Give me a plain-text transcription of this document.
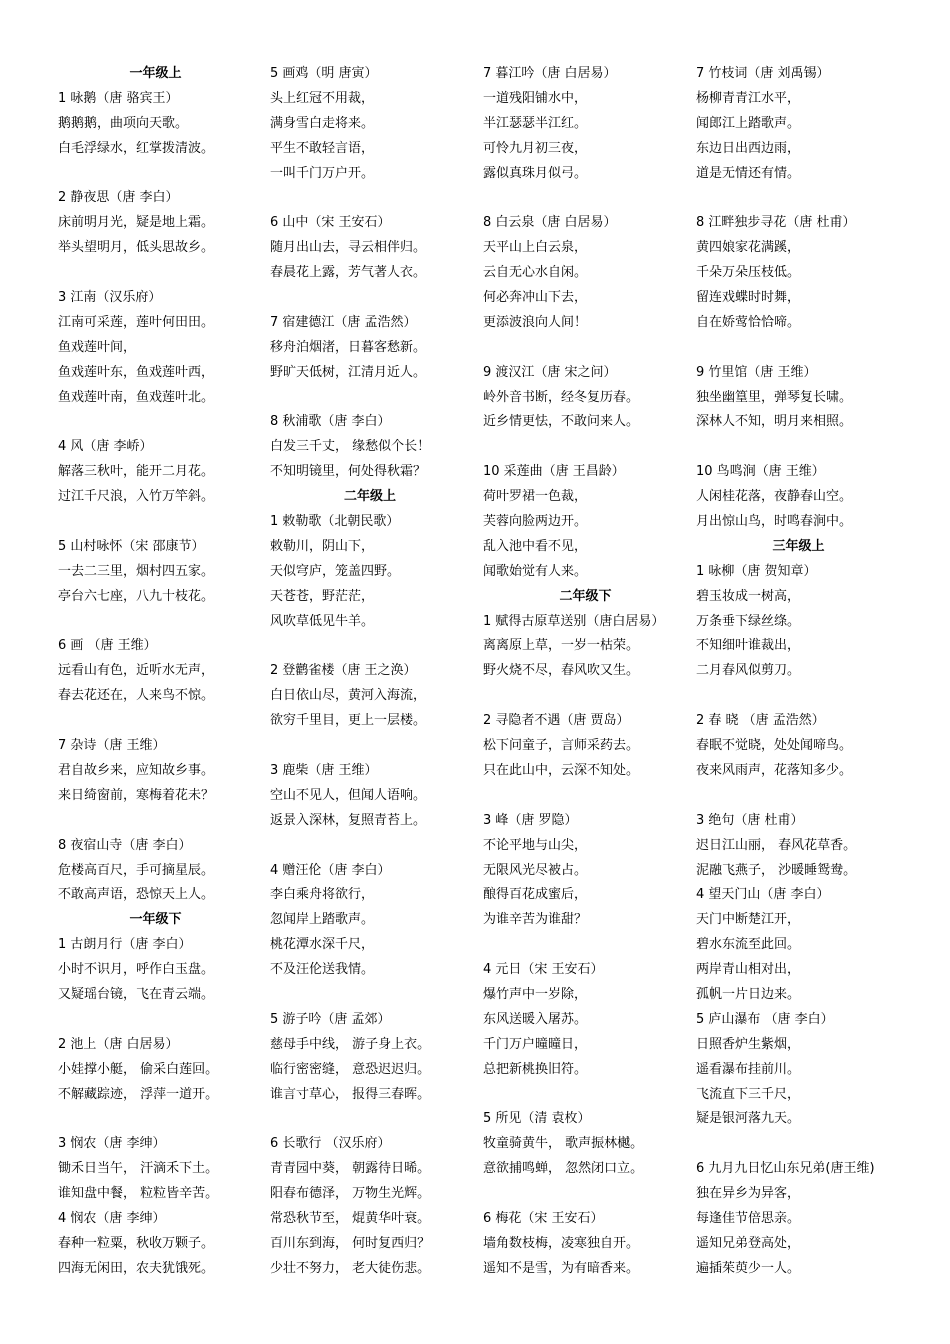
一年级上
1 咏鹅（唐 骆宾王）
鹅鹅鹅，曲项向天歌。
白毛浮绿水，红掌拨清波。
2 静夜思（唐 李白）
床前明月光，疑是地上霜。
举头望明月，低头思故乡。
3 江南（汉乐府）
江南可采莲，莲叶何田田。
鱼戏莲叶间，
鱼戏莲叶东，鱼戏莲叶西，
鱼戏莲叶南，鱼戏莲叶北。
4 风（唐 李峤）
解落三秋叶，能开二月花。
过江千尺浪，入竹万竿斜。
5 山村咏怀（宋 邵康节）
一去二三里，烟村四五家。
亭台六七座，八九十枝花。
6 画 （唐 王维）
远看山有色，近听水无声，
春去花还在，人来鸟不惊。
7 杂诗（唐 王维）
君自故乡来，应知故乡事。
来日绮窗前，寒梅着花未？
8 夜宿山寺（唐 李白）
危楼高百尺，手可摘星辰。
不敢高声语，恐惊天上人。
一年级下
1 古朗月行（唐 李白）
小时不识月，呼作白玉盘。
又疑瑶台镜，飞在青云端。
2 池上（唐 白居易）
小娃撑小艇， 偷采白莲回。
不解藏踪迹， 浮萍一道开。
3 悯农（唐 李绅）
锄禾日当午， 汗滴禾下土。
谁知盘中餐， 粒粒皆辛苦。
4 悯农（唐 李绅）
春种一粒粟，秋收万颗子。
四海无闲田，农夫犹饿死。
5 画鸡（明 唐寅）
头上红冠不用裁，
满身雪白走将来。
平生不敢轻言语，
一叫千门万户开。
6 山中（宋 王安石）
随月出山去，寻云相伴归。
春晨花上露，芳气著人衣。
7 宿建德江（唐 孟浩然）
移舟泊烟渚，日暮客愁新。
野旷天低树，江清月近人。
8 秋浦歌（唐 李白）
白发三千丈， 缘愁似个长！
不知明镜里，何处得秋霜？
二年级上
1 敕勒歌（北朝民歌）
敕勒川，阴山下，
天似穹庐，笼盖四野。
天苍苍，野茫茫，
风吹草低见牛羊。
2 登鹳雀楼（唐 王之涣）
白日依山尽，黄河入海流，
欲穷千里目，更上一层楼。
3 鹿柴（唐 王维）
空山不见人，但闻人语响。
返景入深林，复照青苔上。
4 赠汪伦（唐 李白）
李白乘舟将欲行，
忽闻岸上踏歌声。
桃花潭水深千尺，
不及汪伦送我情。
5 游子吟（唐 孟郊）
慈母手中线， 游子身上衣。
临行密密缝， 意恐迟迟归。
谁言寸草心， 报得三春晖。
6 长歌行 （汉乐府）
青青园中葵， 朝露待日晞。
阳春布德泽， 万物生光辉。
常恐秋节至， 焜黄华叶衰。
百川东到海， 何时复西归？
少壮不努力， 老大徒伤悲。
7 暮江吟（唐 白居易）
一道残阳铺水中，
半江瑟瑟半江红。
可怜九月初三夜，
露似真珠月似弓。
8 白云泉（唐 白居易）
天平山上白云泉，
云自无心水自闲。
何必奔冲山下去，
更添波浪向人间！
9 渡汉江（唐 宋之问）
岭外音书断，经冬复历春。
近乡情更怯，不敢问来人。
10 采莲曲（唐 王昌龄）
荷叶罗裙一色裁，
芙蓉向脸两边开。
乱入池中看不见，
闻歌始觉有人来。
二年级下
1 赋得古原草送别（唐白居易）
离离原上草，一岁一枯荣。
野火烧不尽，春风吹又生。
2 寻隐者不遇（唐 贾岛）
松下问童子，言师采药去。
只在此山中，云深不知处。
3 峰（唐 罗隐）
不论平地与山尖，
无限风光尽被占。
酿得百花成蜜后，
为谁辛苦为谁甜？
4 元日（宋 王安石）
爆竹声中一岁除，
东风送暖入屠苏。
千门万户曈曈日，
总把新桃换旧符。
5 所见（清 袁枚）
牧童骑黄牛， 歌声振林樾。
意欲捕鸣蝉， 忽然闭口立。
6 梅花（宋 王安石）
墙角数枝梅，凌寒独自开。
遥知不是雪，为有暗香来。
7 竹枝词（唐 刘禹锡）
杨柳青青江水平，
闻郎江上踏歌声。
东边日出西边雨，
道是无情还有情。
8 江畔独步寻花（唐 杜甫）
黄四娘家花满蹊，
千朵万朵压枝低。
留连戏蝶时时舞，
自在娇莺恰恰啼。
9 竹里馆（唐 王维）
独坐幽篁里，弹琴复长啸。
深林人不知，明月来相照。
10 鸟鸣涧（唐 王维）
人闲桂花落，夜静春山空。
月出惊山鸟，时鸣春涧中。
三年级上
1 咏柳（唐 贺知章）
碧玉妆成一树高，
万条垂下绿丝绦。
不知细叶谁裁出，
二月春风似剪刀。
2 春 晓 （唐 孟浩然）
春眠不觉晓，处处闻啼鸟。
夜来风雨声，花落知多少。
3 绝句（唐 杜甫）
迟日江山丽， 春风花草香。
泥融飞燕子， 沙暖睡鸳鸯。
4 望天门山（唐 李白）
天门中断楚江开，
碧水东流至此回。
两岸青山相对出，
孤帆一片日边来。
5 庐山瀑布 （唐 李白）
日照香炉生紫烟，
遥看瀑布挂前川。
飞流直下三千尺，
疑是银河落九天。
6 九月九日忆山东兄弟(唐王维)
独在异乡为异客，
每逢佳节倍思亲。
遥知兄弟登高处，
遍插茱萸少一人。
